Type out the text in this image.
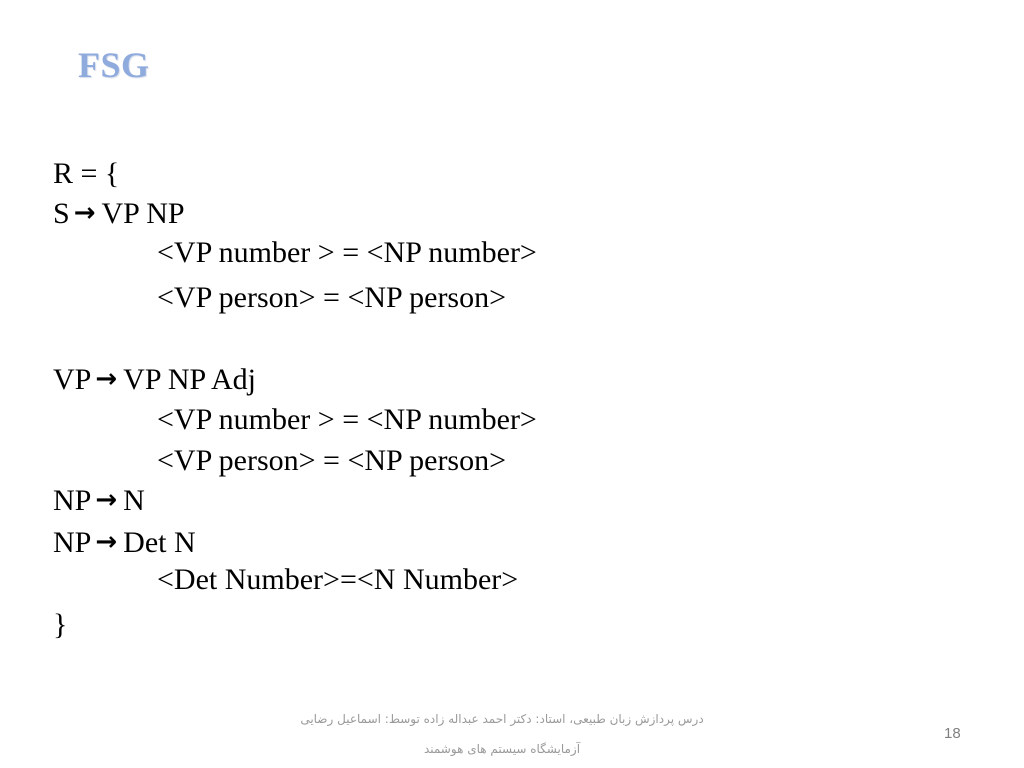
FSG
R = {
S → VP NP
<VP number > = <NP number>
<VP person> = <NP person>
VP → VP NP Adj
<VP number > = <NP number>
<VP person> = <NP person>
NP → N
NP → Det N
<Det Number>=<N Number>
}
درس پردازش زبان طبیعی، استاد: دکتر احمد عبداله زاده توسط: اسماعیل رضایی
آزمایشگاه سیستم های هوشمند
18
